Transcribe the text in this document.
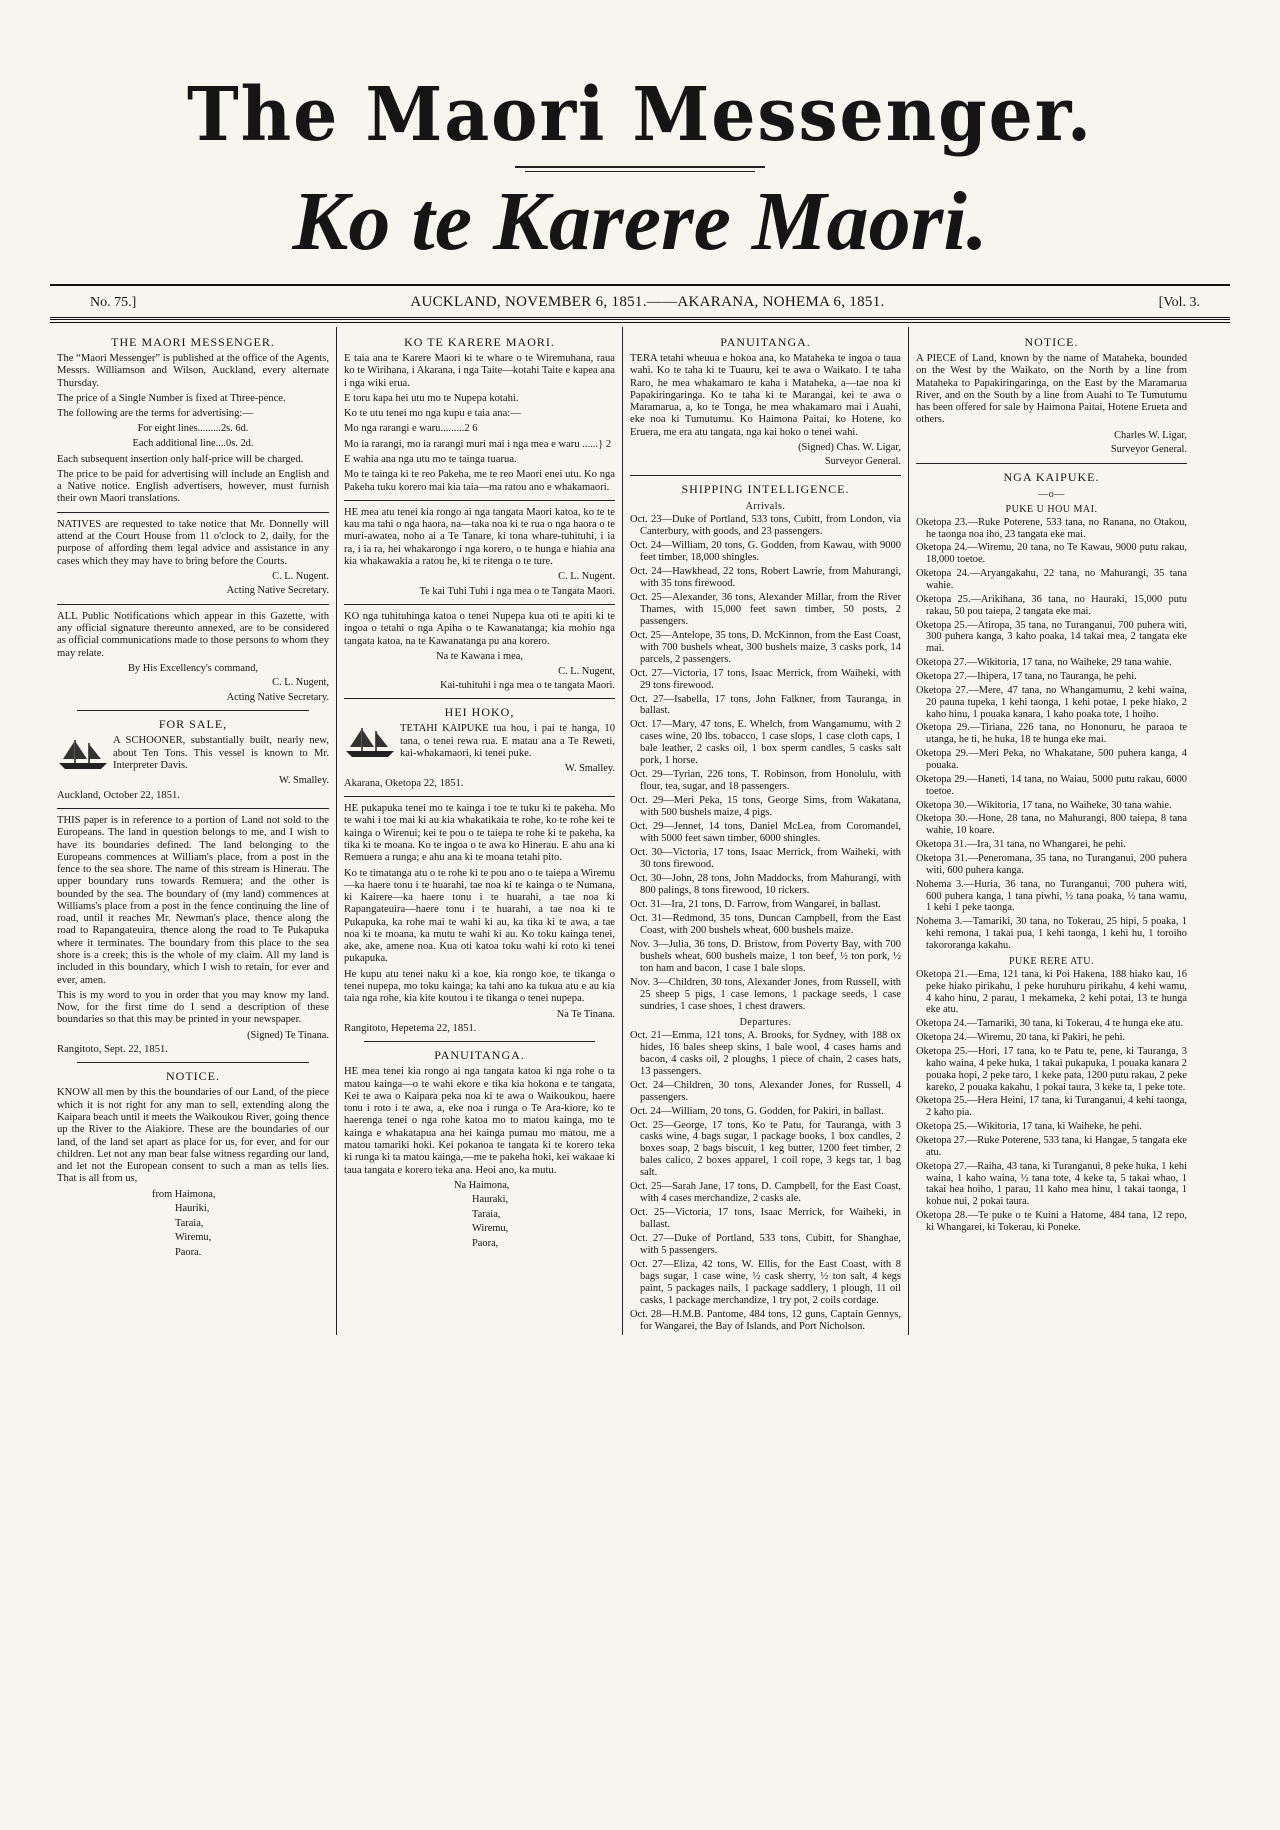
The Maori Messenger.
Ko te Karere Maori.
No. 75.]	AUCKLAND, NOVEMBER 6, 1851.——AKARANA, NOHEMA 6, 1851.	[Vol. 3.
THE MAORI MESSENGER.

The “Maori Messenger” is published at the office of the Agents, Messrs. Williamson and Wilson, Auckland, every alternate Thursday.

The price of a Single Number is fixed at Three-pence.

The following are the terms for advertising:—

For eight lines.........2s. 6d.

Each additional line....0s. 2d.

Each subsequent insertion only half-price will be charged.

The price to be paid for advertising will include an English and a Native notice. English advertisers, however, must furnish their own Maori translations.

NATIVES are requested to take notice that Mr. Donnelly will attend at the Court House from 11 o'clock to 2, daily, for the purpose of affording them legal advice and assistance in any cases which they may have to bring before the Courts.

C. L. Nugent.

Acting Native Secretary.

ALL Public Notifications which appear in this Gazette, with any official signature thereunto annexed, are to be considered as official communications made to those persons to whom they may relate.

By His Excellency's command,

C. L. Nugent,

Acting Native Secretary.

FOR SALE,

A SCHOONER, substantially built, nearly new, about Ten Tons. This vessel is known to Mr. Interpreter Davis.

W. Smalley.

Auckland, October 22, 1851.

THIS paper is in reference to a portion of Land not sold to the Europeans. The land in question belongs to me, and I wish to have its boundaries defined. The land belonging to the Europeans commences at William's place, from a post in the fence to the sea shore. The name of this stream is Hinerau. The upper boundary runs towards Remuera; and the other is bounded by the sea. The boundary of (my land) commences at Williams's place from a post in the fence continuing the line of road, until it reaches Mr. Newman's place, thence along the road to Rapangateuira, thence along the road to Te Pukapuka where it terminates. The boundary from this place to the sea shore is a creek; this is the whole of my claim. All my land is included in this boundary, which I wish to retain, for ever and ever, amen.

This is my word to you in order that you may know my land. Now, for the first time do I send a description of these boundaries so that this may be printed in your newspaper.

(Signed) Te Tinana.

Rangitoto, Sept. 22, 1851.

NOTICE.

KNOW all men by this the boundaries of our Land, of the piece which it is not right for any man to sell, extending along the Kaipara beach until it meets the Waikoukou River, going thence up the River to the Aiakiore. These are the boundaries of our land, of the land set apart as place for us, for ever, and for our children. Let not any man bear false witness regarding our land, and let not the European consent to such a man as tells lies. That is all from us,

from Haimona,

Hauriki,

Taraia,

Wiremu,

Paora.

KO TE KARERE MAORI.

E taia ana te Karere Maori ki te whare o te Wiremuhana, raua ko te Wirihana, i Akarana, i nga Taite—kotahi Taite e kapea ana i nga wiki erua.

E toru kapa hei utu mo te Nupepa kotahi.

Ko te utu tenei mo nga kupu e taia ana:—

Mo nga rarangi e waru.........2 6

Mo ia rarangi, mo ia rarangi muri mai i nga mea e waru ......} 2

E wahia ana nga utu mo te tainga tuarua.

Mo te tainga ki te reo Pakeha, me te reo Maori enei utu. Ko nga Pakeha tuku korero mai kia taia—ma ratou ano e whakamaori.

HE mea atu tenei kia rongo ai nga tangata Maori katoa, ko te te kau ma tahi o nga haora, na—taka noa ki te rua o nga haora o te muri-awatea, noho ai a Te Tanare, ki tona whare-tuhituhi, i ia ra, i ia ra, hei whakarongo i nga korero, o te hunga e hiahia ana kia whakawakia a ratou he, ki te ritenga o te ture.

C. L. Nugent.

Te kai Tuhi Tuhi i nga mea o te Tangata Maori.

KO nga tuhituhinga katoa o tenei Nupepa kua oti te apiti ki te ingoa o tetahi o nga Apiha o te Kawanatanga; kia mohio nga tangata katoa, na te Kawanatanga pu ana korero.

Na te Kawana i mea,

C. L. Nugent,

Kai-tuhituhi i nga mea o te tangata Maori.

HEI HOKO,

TETAHI KAIPUKE tua hou, i pai te hanga, 10 tana, o tenei rewa rua. E matau ana a Te Reweti, kai-whakamaori, ki tenei puke.

W. Smalley.

Akarana, Oketopa 22, 1851.

HE pukapuka tenei mo te kainga i toe te tuku ki te pakeha. Mo te wahi i toe mai ki au kia whakatikaia te rohe, ko te rohe kei te kainga o Wirenui; kei te pou o te taiepa te rohe ki te pakeha, ka tika ki te moana. Ko te ingoa o te awa ko Hinerau. E ahu ana ki Remuera a runga; e ahu ana ki te moana tetahi pito.

Ko te timatanga atu o te rohe ki te pou ano o te taiepa a Wiremu—ka haere tonu i te huarahi, tae noa ki te kainga o te Numana, ki Kairere—ka haere tonu i te huarahi, a tae noa ki Rapangateuira—haere tonu i te huarahi, a tae noa ki te Pukapuka, ka rohe mai te wahi ki au, ka tika ki te awa, a tae noa ki te moana, ka mutu te wahi ki au. Ko toku kainga tenei, ake, ake, amene noa. Kua oti katoa toku wahi ki roto ki tenei pukapuka.

He kupu atu tenei naku ki a koe, kia rongo koe, te tikanga o tenei nupepa, mo toku kainga; ka tahi ano ka tukua atu e au kia taia nga rohe, kia kite koutou i te tikanga o tenei nupepa.

Na Te Tinana.

Rangitoto, Hepetema 22, 1851.

PANUITANGA.

HE mea tenei kia rongo ai nga tangata katoa ki nga rohe o ta matou kainga—o te wahi ekore e tika kia hokona e te tangata, Kei te awa o Kaipara peka noa ki te awa o Waikoukou, haere tonu i roto i te awa, a, eke noa i runga o Te Ara-kiore, ko te haerenga tenei o nga rohe katoa mo to matou kainga, mo te kainga e whakatapua ana hei kainga pumau mo matou, me a matou tamariki hoki. Kei pokanoa te tangata ki te korero teka ki runga ki ta matou kainga,—me te pakeha hoki, kei wakaae ki taua tangata e korero teka ana. Heoi ano, ka mutu.

Na Haimona,

Hauraki,

Taraia,

Wiremu,

Paora,

PANUITANGA.

TERA tetahi wheuua e hokoa ana, ko Mataheka te ingoa o taua wahi. Ko te taha ki te Tuauru, kei te awa o Waikato. I te taha Raro, he mea whakamaro te kaha i Mataheka, a—tae noa ki Papakiringaringa. Ko te taha ki te Marangai, kei te awa o Maramarua, a, ko te Tonga, he mea whakamaro mai i Auahi, eke noa ki Tumutumu. Ko Haimona Paitai, ko Hotene, ko Eruera, me era atu tangata, nga kai hoko o tenei wahi.

(Signed) Chas. W. Ligar,

Surveyor General.

SHIPPING INTELLIGENCE.
Arrivals.

Oct. 23—Duke of Portland, 533 tons, Cubitt, from London, via Canterbury, with goods, and 23 passengers.

Oct. 24—William, 20 tons, G. Godden, from Kawau, with 9000 feet timber, 18,000 shingles.

Oct. 24—Hawkhead, 22 tons, Robert Lawrie, from Mahurangi, with 35 tons firewood.

Oct. 25—Alexander, 36 tons, Alexander Millar, from the River Thames, with 15,000 feet sawn timber, 50 posts, 2 passengers.

Oct. 25—Antelope, 35 tons, D. McKinnon, from the East Coast, with 700 bushels wheat, 300 bushels maize, 3 casks pork, 14 parcels, 2 passengers.

Oct. 27—Victoria, 17 tons, Isaac Merrick, from Waiheki, with 29 tons firewood.

Oct. 27—Isabella, 17 tons, John Falkner, from Tauranga, in ballast.

Oct. 17—Mary, 47 tons, E. Whelch, from Wangamumu, with 2 cases wine, 20 lbs. tobacco, 1 case slops, 1 case cloth caps, 1 bale leather, 2 casks oil, 1 box sperm candles, 5 casks salt pork, 1 horse.

Oct. 29—Tyrian, 226 tons, T. Robinson, from Honolulu, with flour, tea, sugar, and 18 passengers.

Oct. 29—Meri Peka, 15 tons, George Sims, from Wakatana, with 500 bushels maize, 4 pigs.

Oct. 29—Jennet, 14 tons, Daniel McLea, from Coromandel, with 5000 feet sawn timber, 6000 shingles.

Oct. 30—Victoria, 17 tons, Isaac Merrick, from Waiheki, with 30 tons firewood.

Oct. 30—John, 28 tons, John Maddocks, from Mahurangi, with 800 palings, 8 tons firewood, 10 rickers.

Oct. 31—Ira, 21 tons, D. Farrow, from Wangarei, in ballast.

Oct. 31—Redmond, 35 tons, Duncan Campbell, from the East Coast, with 200 bushels wheat, 600 bushels maize.

Nov. 3—Julia, 36 tons, D. Bristow, from Poverty Bay, with 700 bushels wheat, 600 bushels maize, 1 ton beef, ½ ton pork, ½ ton ham and bacon, 1 case 1 bale slops.

Nov. 3—Children, 30 tons, Alexander Jones, from Russell, with 25 sheep 5 pigs, 1 case lemons, 1 package seeds, 1 case sundries, 1 case shoes, 1 chest drawers.

Departures.

Oct. 21—Emma, 121 tons, A. Brooks, for Sydney, with 188 ox hides, 16 bales sheep skins, 1 bale wool, 4 cases hams and bacon, 4 casks oil, 2 ploughs, 1 piece of chain, 2 cases hats, 13 passengers.

Oct. 24—Children, 30 tons, Alexander Jones, for Russell, 4 passengers.

Oct. 24—William, 20 tons, G. Godden, for Pakiri, in ballast.

Oct. 25—George, 17 tons, Ko te Patu, for Tauranga, with 3 casks wine, 4 bags sugar, 1 package books, 1 box candles, 2 boxes soap, 2 bags biscuit, 1 keg butter, 1200 feet timber, 2 bales calico, 2 boxes apparel, 1 coil rope, 3 kegs tar, 1 bag salt.

Oct. 25—Sarah Jane, 17 tons, D. Campbell, for the East Coast, with 4 cases merchandize, 2 casks ale.

Oct. 25—Victoria, 17 tons, Isaac Merrick, for Waiheki, in ballast.

Oct. 27—Duke of Portland, 533 tons, Cubitt, for Shanghae, with 5 passengers.

Oct. 27—Eliza, 42 tons, W. Ellis, for the East Coast, with 8 bags sugar, 1 case wine, ½ cask sherry, ½ ton salt, 4 kegs paint, 5 packages nails, 1 package saddlery, 1 plough, 11 oil casks, 1 package merchandize, 1 try pot, 2 coils cordage.

Oct. 28—H.M.B. Pantome, 484 tons, 12 guns, Captain Gennys, for Wangarei, the Bay of Islands, and Port Nicholson.

NOTICE.

A PIECE of Land, known by the name of Mataheka, bounded on the West by the Waikato, on the North by a line from Mataheka to Papakiringaringa, on the East by the Maramarua River, and on the South by a line from Auahi to Te Tumutumu has been offered for sale by Haimona Paitai, Hotene Erueta and others.

Charles W. Ligar,

Surveyor General.

NGA KAIPUKE.
—o—
PUKE U HOU MAI.

Oketopa 23.—Ruke Poterene, 533 tana, no Ranana, no Otakou, he taonga noa iho, 23 tangata eke mai.

Oketopa 24.—Wiremu, 20 tana, no Te Kawau, 9000 putu rakau, 18,000 toetoe.

Oketopa 24.—Aryangakahu, 22 tana, no Mahurangi, 35 tana wahie.

Oketopa 25.—Arikihana, 36 tana, no Hauraki, 15,000 putu rakau, 50 pou taiepa, 2 tangata eke mai.

Oketopa 25.—Atiropa, 35 tana, no Turanganui, 700 puhera witi, 300 puhera kanga, 3 kaho poaka, 14 takai mea, 2 tangata eke mai.

Oketopa 27.—Wikitoria, 17 tana, no Waiheke, 29 tana wahie.

Oketopa 27.—Ihipera, 17 tana, no Tauranga, he pehi.

Oketopa 27.—Mere, 47 tana, no Whangamumu, 2 kehi waina, 20 pauna tupeka, 1 kehi taonga, 1 kehi potae, 1 peke hiako, 2 kaho hinu, 1 pouaka kanara, 1 kaho poaka tote, 1 hoiho.

Oketopa 29.—Tiriana, 226 tana, no Hononuru, he paraoa te utanga, he ti, he huka, 18 te hunga eke mai.

Oketopa 29.—Meri Peka, no Whakatane, 500 puhera kanga, 4 pouaka.

Oketopa 29.—Haneti, 14 tana, no Waiau, 5000 putu rakau, 6000 toetoe.

Oketopa 30.—Wikitoria, 17 tana, no Waiheke, 30 tana wahie.

Oketopa 30.—Hone, 28 tana, no Mahurangi, 800 taiepa, 8 tana wahie, 10 koare.

Oketopa 31.—Ira, 31 tana, no Whangarei, he pehi.

Oketopa 31.—Peneromana, 35 tana, no Turanganui, 200 puhera witi, 600 puhera kanga.

Nohema 3.—Huria, 36 tana, no Turanganui, 700 puhera witi, 600 puhera kanga, 1 tana piwhi, ½ tana poaka, ½ tana wamu, 1 kehi 1 peke taonga.

Nohema 3.—Tamariki, 30 tana, no Tokerau, 25 hipi, 5 poaka, 1 kehi remona, 1 takai pua, 1 kehi taonga, 1 kehi hu, 1 toroiho takororanga kakahu.

PUKE RERE ATU.

Oketopa 21.—Ema, 121 tana, ki Poi Hakena, 188 hiako kau, 16 peke hiako pirikahu, 1 peke huruhuru pirikahu, 4 kehi wamu, 4 kaho hinu, 2 parau, 1 mekameka, 2 kehi potai, 13 te hunga eke atu.

Oketopa 24.—Tamariki, 30 tana, ki Tokerau, 4 te hunga eke atu.

Oketopa 24.—Wiremu, 20 tana, ki Pakiri, he pehi.

Oketopa 25.—Hori, 17 tana, ko te Patu te, pene, ki Tauranga, 3 kaho waina, 4 peke huka, 1 takai pukapuka, 1 pouaka kanara 2 pouaka hopi, 2 peke taro, 1 keke pata, 1200 putu rakau, 2 peke kareko, 2 pouaka kakahu, 1 pokai taura, 3 keke ta, 1 peke tote.

Oketopa 25.—Hera Heini, 17 tana, ki Turanganui, 4 kehi taonga, 2 kaho pia.

Oketopa 25.—Wikitoria, 17 tana, ki Waiheke, he pehi.

Oketopa 27.—Ruke Poterene, 533 tana, ki Hangae, 5 tangata eke atu.

Oketopa 27.—Raiha, 43 tana, ki Turanganui, 8 peke huka, 1 kehi waina, 1 kaho waina, ½ tana tote, 4 keke ta, 5 takai whao, 1 takai hea hoiho, 1 parau, 11 kaho mea hinu, 1 takai taonga, 1 kohue nui, 2 pokai taura.

Oketopa 28.—Te puke o te Kuini a Hatome, 484 tana, 12 repo, ki Whangarei, ki Tokerau, ki Poneke.
